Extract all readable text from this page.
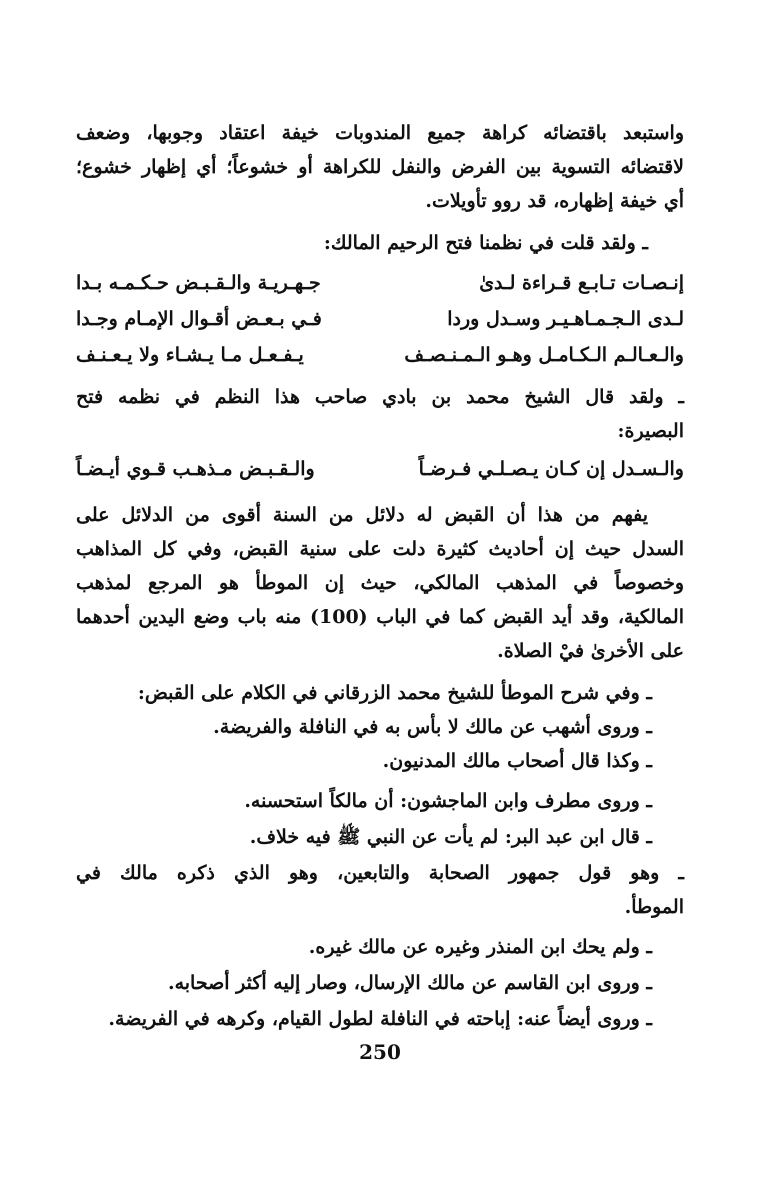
واستبعد باقتضائه كراهة جميع المندوبات خيفة اعتقاد وجوبها، وضعف
لاقتضائه التسوية بين الفرض والنفل للكراهة أو خشوعاً؛ أي إظهار خشوع؛
أي خيفة إظهاره، قد روو تأويلات.
ـ ولقد قلت في نظمنا فتح الرحيم المالك:
إنـصـات تـابـع قـراءة لـدىٰ
جـهـريـة والـقـبـض حـكـمـه بـدا
لـدى الـجـمـاهـيـر وسـدل وردا
فـي بـعـض أقـوال الإمـام وجـدا
والـعـالـم الـكـامـل وهـو الـمـنـصـف
يـفـعـل مـا يـشـاء ولا يـعـنـف
ـ ولقد قال الشيخ محمد بن بادي صاحب هذا النظم في نظمه فتح
البصيرة:
والـسـدل إن كـان يـصـلـي فـرضـاً
والـقـبـض مـذهـب قـوي أيـضـاً
يفهم من هذا أن القبض له دلائل من السنة أقوى من الدلائل على
السدل حيث إن أحاديث كثيرة دلت على سنية القبض، وفي كل المذاهب
وخصوصاً في المذهب المالكي، حيث إن الموطأ هو المرجع لمذهب
المالكية، وقد أيد القبض كما في الباب (100) منه باب وضع اليدين أحدهما
على الأخرىٰ فيْ الصلاة.
ـ وفي شرح الموطأ للشيخ محمد الزرقاني في الكلام على القبض:
ـ وروى أشهب عن مالك لا بأس به في النافلة والفريضة.
ـ وكذا قال أصحاب مالك المدنيون.
ـ وروى مطرف وابن الماجشون: أن مالكاً استحسنه.
ـ قال ابن عبد البر: لم يأت عن النبي ﷺ فيه خلاف.
ـ وهو قول جمهور الصحابة والتابعين، وهو الذي ذكره مالك في
الموطأ.
ـ ولم يحك ابن المنذر وغيره عن مالك غيره.
ـ وروى ابن القاسم عن مالك الإرسال، وصار إليه أكثر أصحابه.
ـ وروى أيضاً عنه: إباحته في النافلة لطول القيام، وكرهه في الفريضة.
250
